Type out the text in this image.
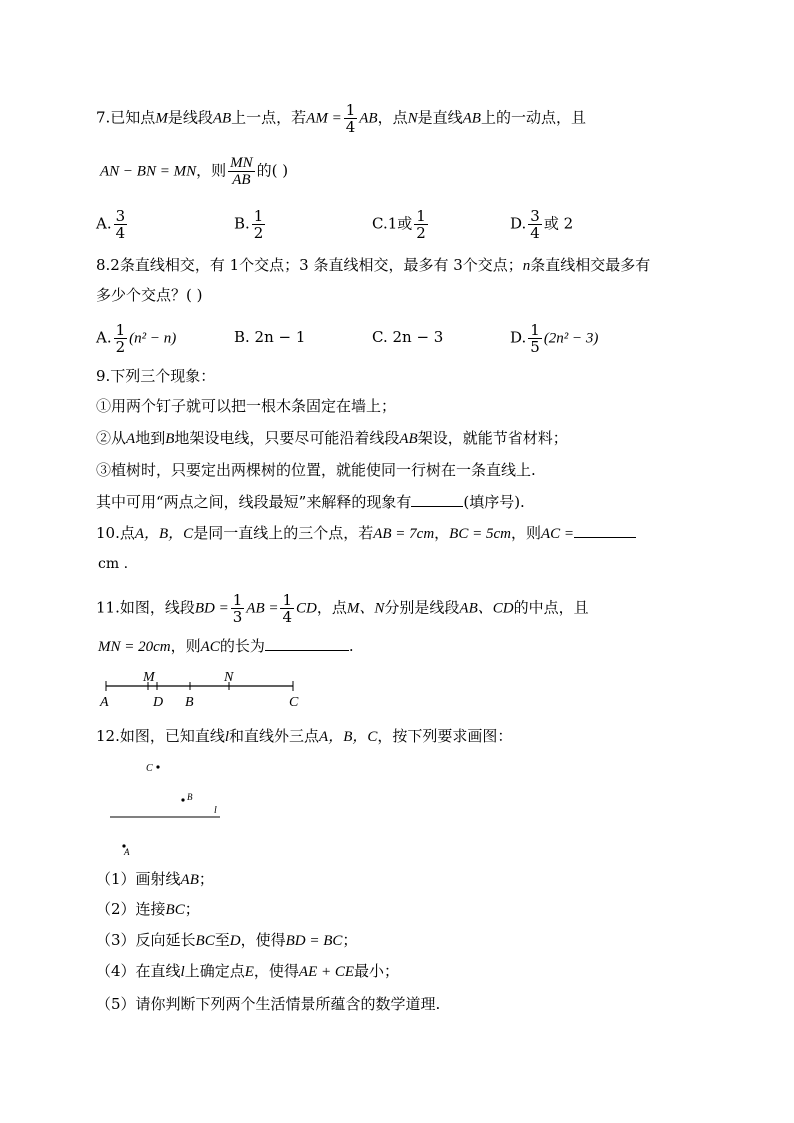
7.已知点M是线段AB上一点，若AM = $\frac{1}{4}$ AB，点N是直线AB上的一动点，且
AN − BN = MN，则 $\frac{MN}{AB}$ 的( )
A. $\frac{3}{4}$	B. $\frac{1}{2}$	C.1或 $\frac{1}{2}$	D. $\frac{3}{4}$ 或 2
8.2条直线相交，有 1个交点；3 条直线相交，最多有 3个交点；n条直线相交最多有
多少个交点？( )
A. $\frac{1}{2} (n^2 - n)$	B. 2n − 1	C. 2n − 3	D. $\frac{1}{5} (2n^2 - 3)$
9.下列三个现象：
①用两个钉子就可以把一根木条固定在墙上；
②从A地到B地架设电线，只要尽可能沿着线段AB架设，就能节省材料；
③植树时，只要定出两棵树的位置，就能使同一行树在一条直线上.
其中可用“两点之间，线段最短”来解释的现象有	(填序号).
10.点A，B，C是同一直线上的三个点，若AB = 7cm，BC = 5cm，则AC =
cm .
11.如图，线段BD = $\frac{1}{3}$ AB = $\frac{1}{4}$ CD，点M、N分别是线段AB、CD的中点，且
MN = 20cm，则AC的长为	.
A
M
D B
N
C
C
B
l
A
12.如图，已知直线l和直线外三点A，B，C，按下列要求画图：
（1）画射线AB；
（2）连接BC；
（3）反向延长BC至D，使得BD = BC；
（4）在直线l上确定点E，使得AE + CE最小；
（5）请你判断下列两个生活情景所蕴含的数学道理.
